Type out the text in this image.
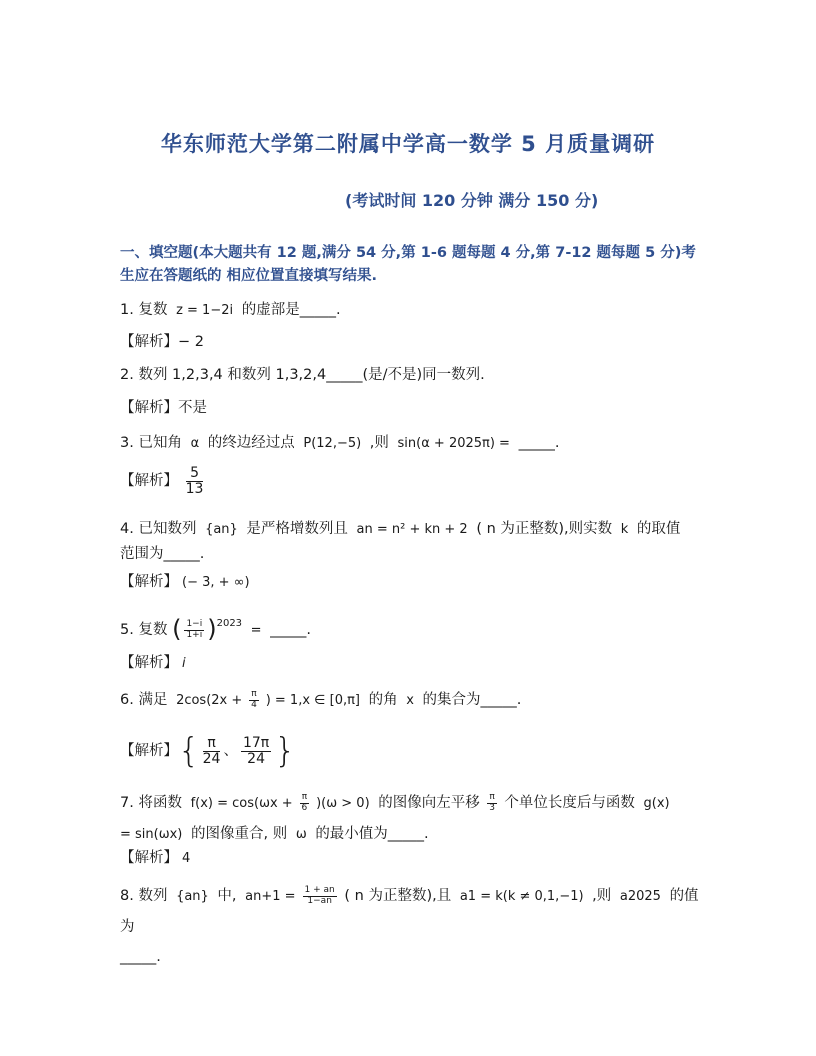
华东师范大学第二附属中学高一数学 5 月质量调研
(考试时间 120 分钟 满分 150 分)
一、填空题(本大题共有 12 题,满分 54 分,第 1-6 题每题 4 分,第 7-12 题每题 5 分)考生应在答题纸的 相应位置直接填写结果.
1. 复数 z = 1−2i 的虚部是_____.
【解析】− 2
2. 数列 1,2,3,4 和数列 1,3,2,4_____(是/不是)同一数列.
【解析】不是
3. 已知角 α 的终边经过点 P(12,−5) ,则 sin(α + 2025π) = _____.
【解析】 $\frac{5}{13}$
4. 已知数列 {an} 是严格增数列且 an = n² + kn + 2 ( n 为正整数),则实数 k 的取值
范围为_____.
【解析】 (− 3, + ∞)
5. 复数 ( $\frac{1-i}{1+i} )^{2023}$ = _____.
【解析】 i
6. 满足 $2\cos(2x + \frac{\pi}{4}$ ) = 1,x ∈ [0,π] 的角 x 的集合为_____.
【解析】{ $\frac{\pi}{24}$ 、 $\frac{17\pi}{24}$ }
7. 将函数 $f(x) = \cos(\omega x + \frac{\pi}{6} )(\omega > 0)$ 的图像向左平移 $\frac{\pi}{3}$ 个单位长度后与函数 g(x)
= sin(ωx) 的图像重合, 则 ω 的最小值为_____.
【解析】 4
8. 数列 {an} 中, $an+1 = \frac{1 + an}{1-an}$ ( n 为正整数),且 a1 = k(k ≠ 0,1,−1) ,则 a2025 的值为
_____.
